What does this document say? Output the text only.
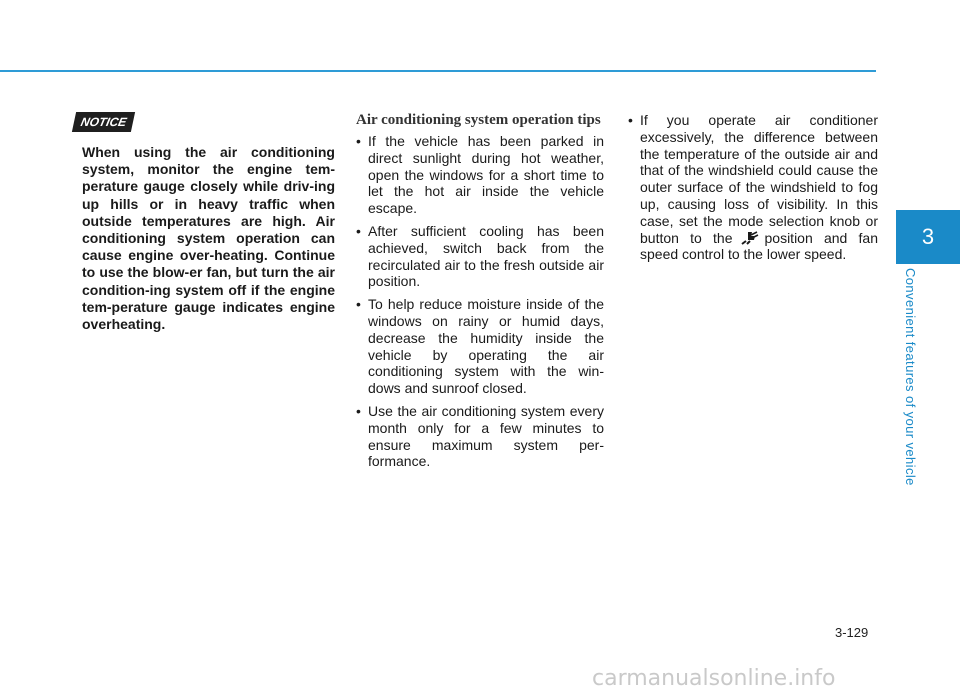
NOTICE

When using the air conditioning system, monitor the engine tem-perature gauge closely while driv-ing up hills or in heavy traffic when outside temperatures are high. Air conditioning system operation can cause engine over-heating. Continue to use the blow-er fan, but turn the air condition-ing system off if the engine tem-perature gauge indicates engine overheating.

Air conditioning system operation tips
• If the vehicle has been parked in direct sunlight during hot weather, open the windows for a short time to let the hot air inside the vehicle escape.
• After sufficient cooling has been achieved, switch back from the recirculated air to the fresh outside air position.
• To help reduce moisture inside of the windows on rainy or humid days, decrease the humidity inside the vehicle by operating the air conditioning system with the win-dows and sunroof closed.
• Use the air conditioning system every month only for a few minutes to ensure maximum system per-formance.
• If you operate air conditioner excessively, the difference between the temperature of the outside air and that of the windshield could cause the outer surface of the windshield to fog up, causing loss of visibility. In this case, set the mode selection knob or button to the position and fan speed control to the lower speed.
3
Convenient features of your vehicle
3-129
carmanualsonline.info
